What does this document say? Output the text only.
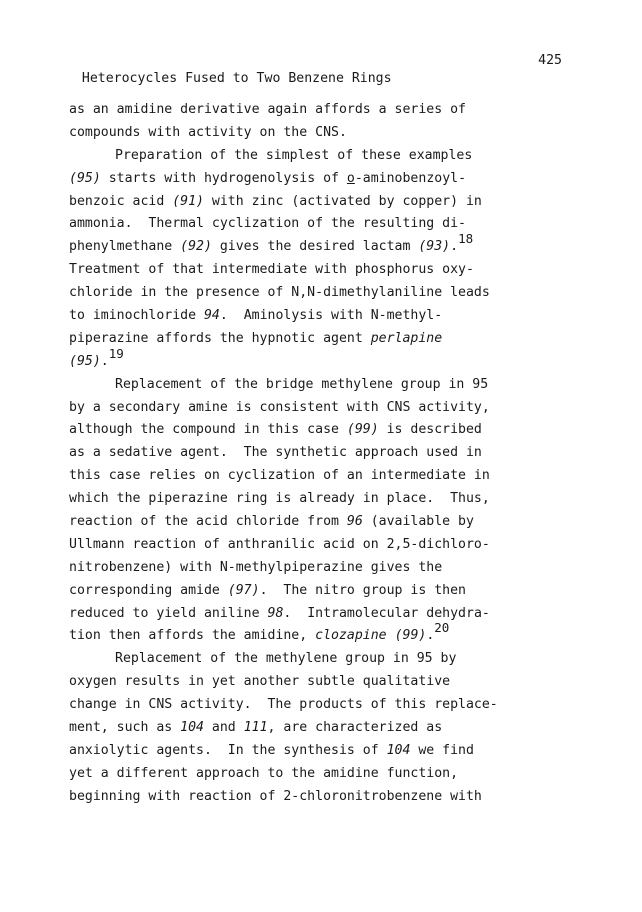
Heterocycles Fused to Two Benzene Rings

425

as an amidine derivative again affords a series of
compounds with activity on the CNS.
Preparation of the simplest of these examples
(95) starts with hydrogenolysis of o-aminobenzoyl-
benzoic acid (91) with zinc (activated by copper) in
ammonia.  Thermal cyclization of the resulting di-
phenylmethane (92) gives the desired lactam (93).$^{18}$
Treatment of that intermediate with phosphorus oxy-
chloride in the presence of N,N-dimethylaniline leads
to iminochloride 94.  Aminolysis with N-methyl-
piperazine affords the hypnotic agent perlapine
(95).$^{19}$
Replacement of the bridge methylene group in 95
by a secondary amine is consistent with CNS activity,
although the compound in this case (99) is described
as a sedative agent.  The synthetic approach used in
this case relies on cyclization of an intermediate in
which the piperazine ring is already in place.  Thus,
reaction of the acid chloride from 96 (available by
Ullmann reaction of anthranilic acid on 2,5-dichloro-
nitrobenzene) with N-methylpiperazine gives the
corresponding amide (97).  The nitro group is then
reduced to yield aniline 98.  Intramolecular dehydra-
tion then affords the amidine, clozapine (99).$^{20}$
Replacement of the methylene group in 95 by
oxygen results in yet another subtle qualitative
change in CNS activity.  The products of this replace-
ment, such as 104 and 111, are characterized as
anxiolytic agents.  In the synthesis of 104 we find
yet a different approach to the amidine function,
beginning with reaction of 2-chloronitrobenzene with
